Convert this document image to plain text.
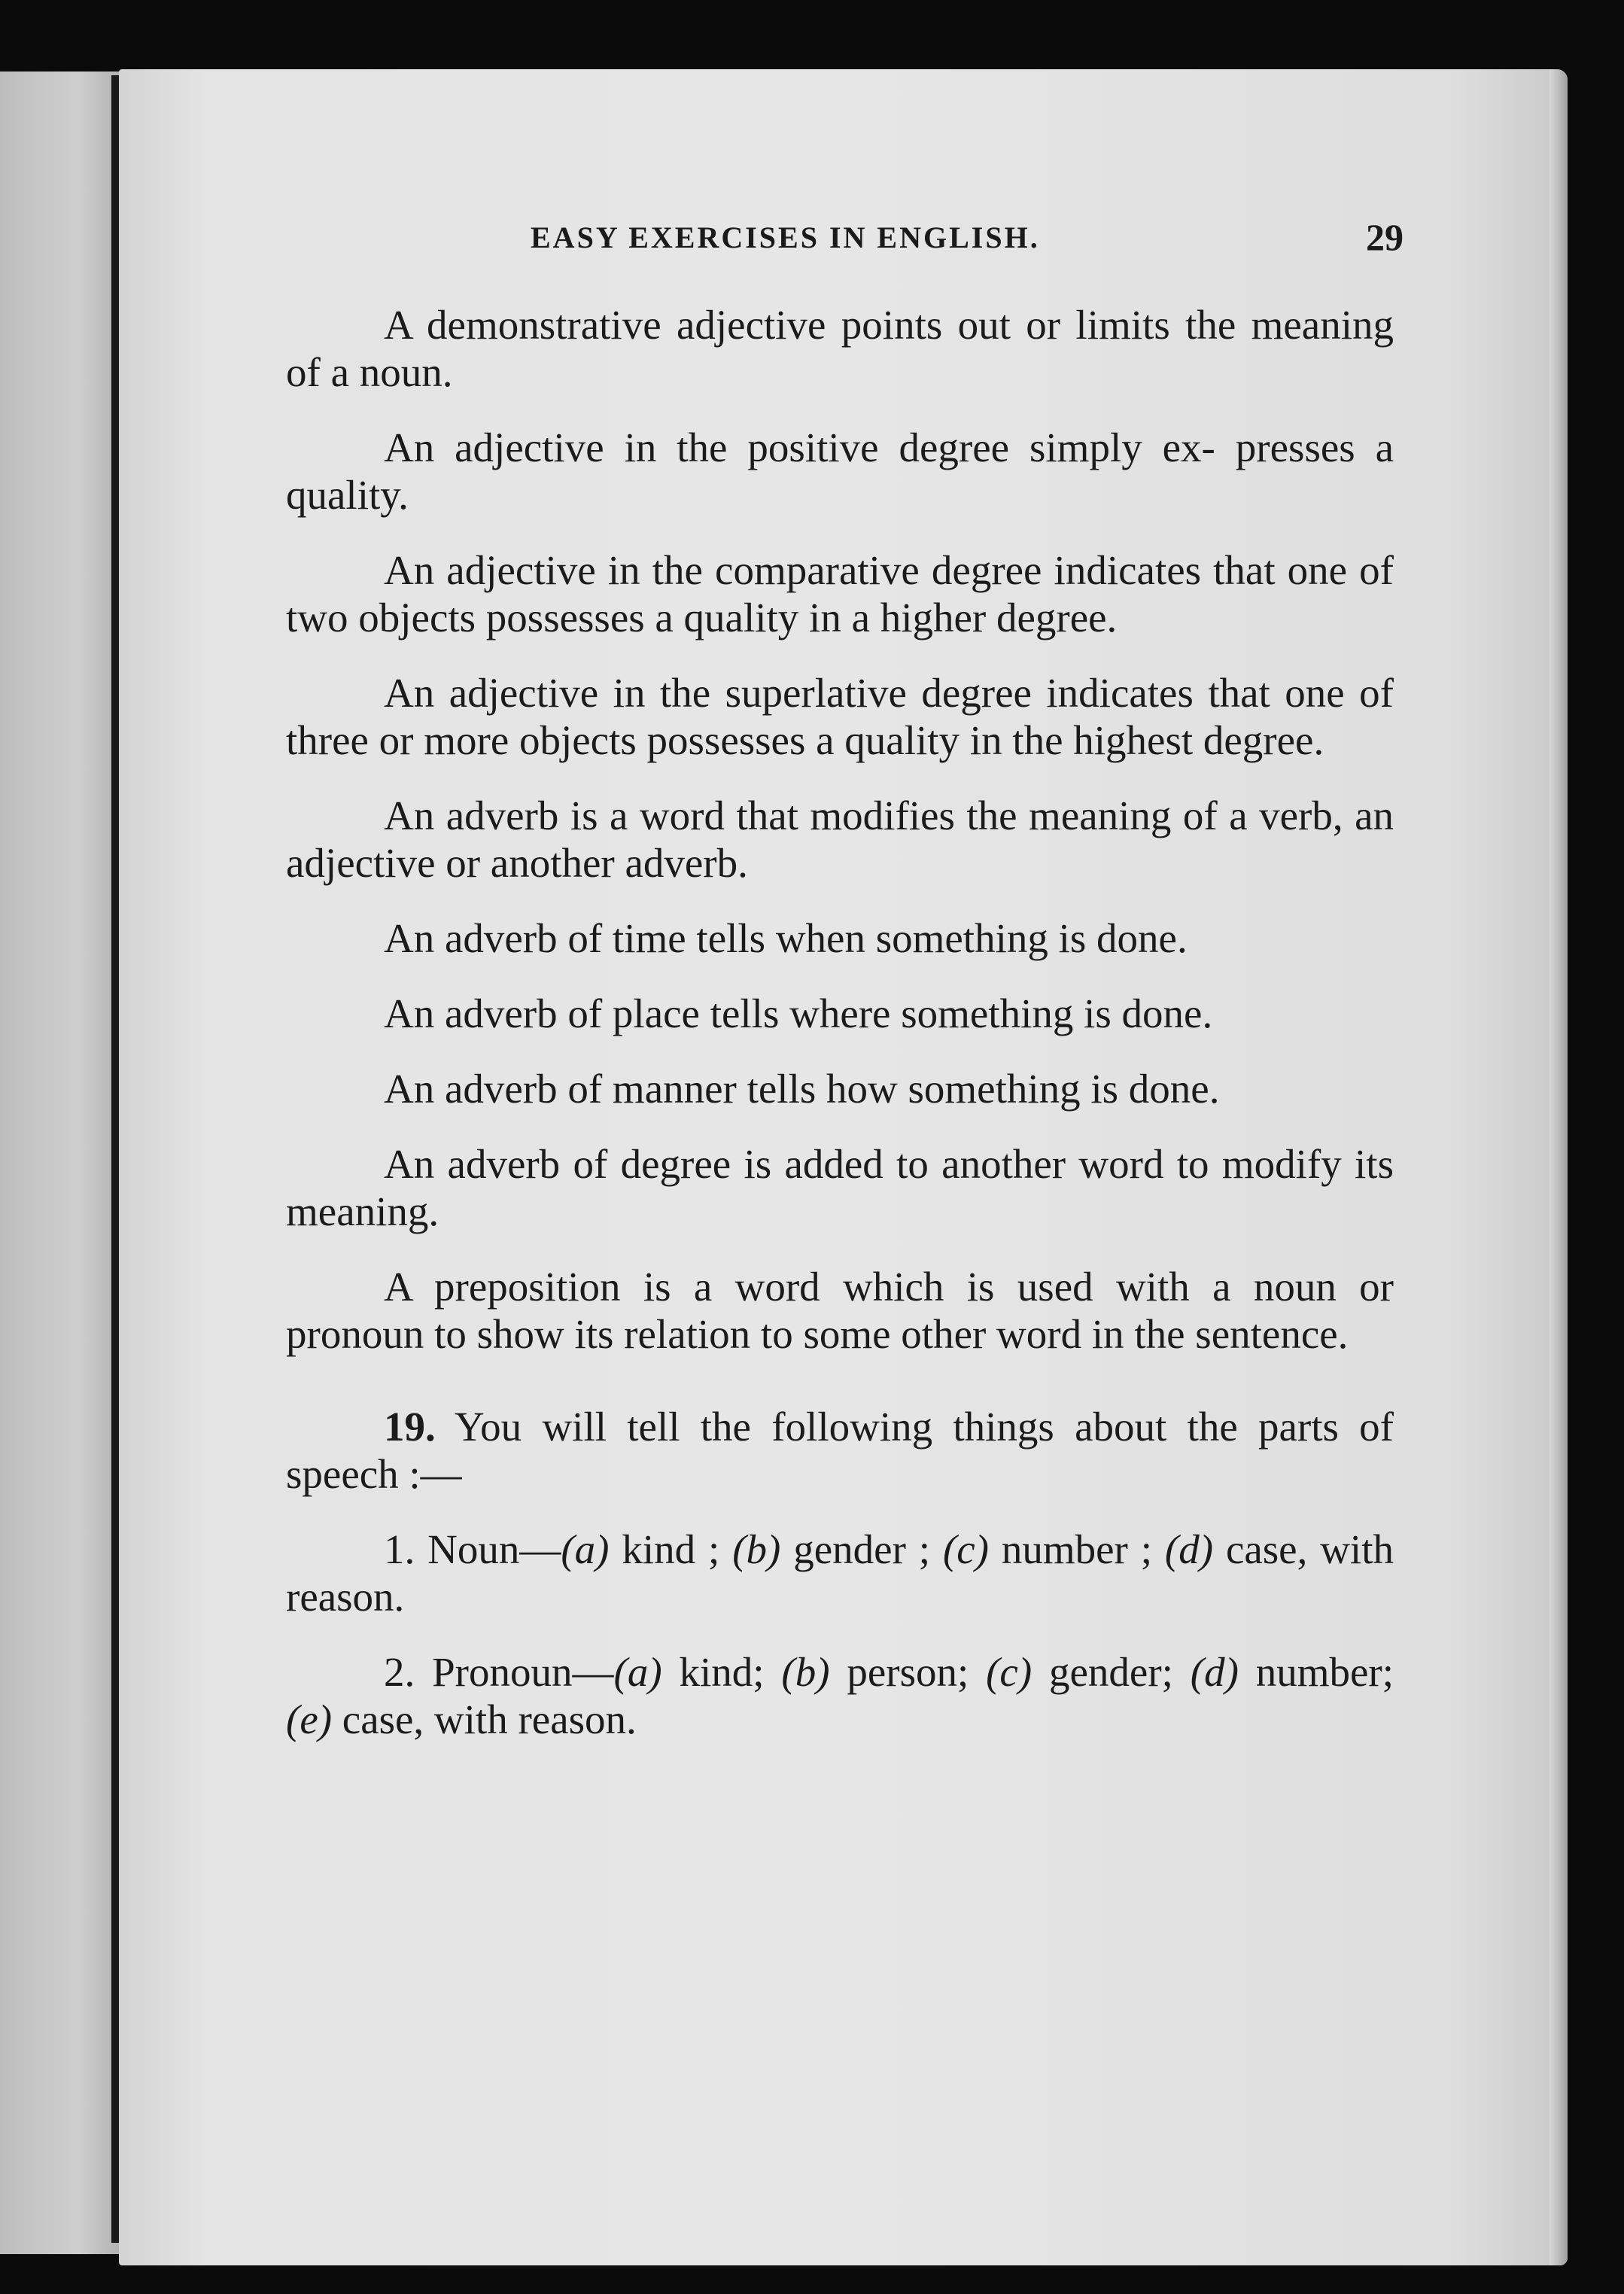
EASY EXERCISES IN ENGLISH.	29

A demonstrative adjective points out or limits the meaning of a noun.

An adjective in the positive degree simply ex- presses a quality.

An adjective in the comparative degree indicates that one of two objects possesses a quality in a higher degree.

An adjective in the superlative degree indicates that one of three or more objects possesses a quality in the highest degree.

An adverb is a word that modifies the meaning of a verb, an adjective or another adverb.

An adverb of time tells when something is done.

An adverb of place tells where something is done.

An adverb of manner tells how something is done.

An adverb of degree is added to another word to modify its meaning.

A preposition is a word which is used with a noun or pronoun to show its relation to some other word in the sentence.

19. You will tell the following things about the parts of speech :—

1. Noun—(a) kind ; (b) gender ; (c) number ; (d) case, with reason.

2. Pronoun—(a) kind; (b) person; (c) gender; (d) number; (e) case, with reason.
